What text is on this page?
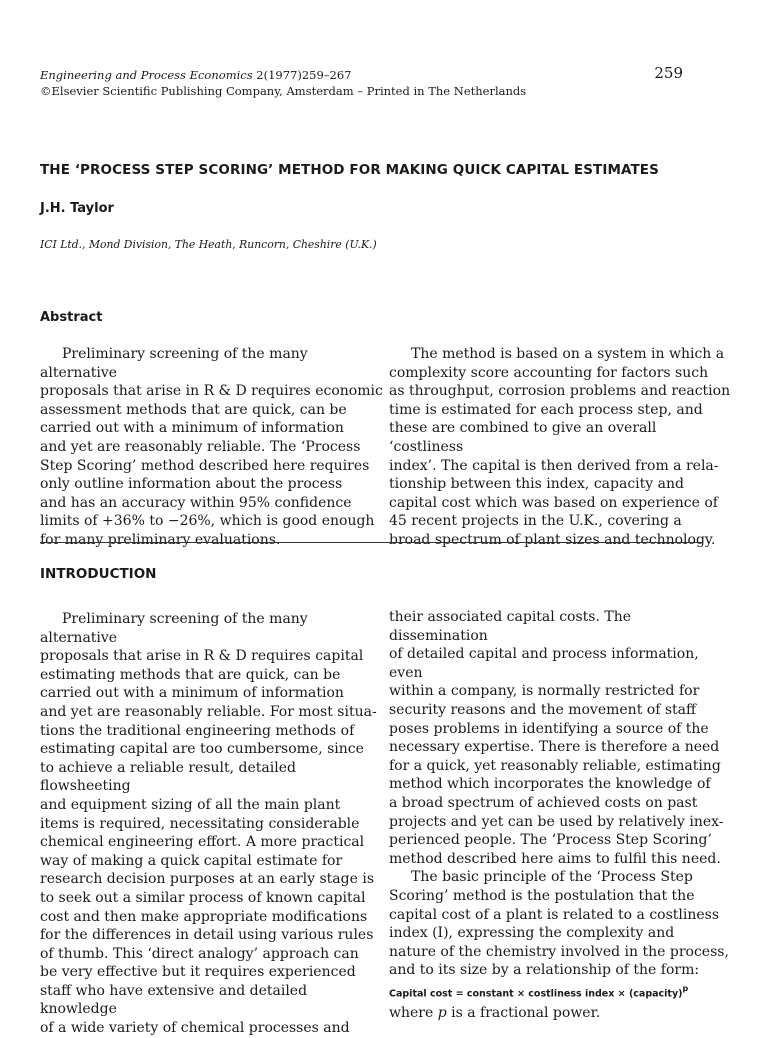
Engineering and Process Economics 2(1977)259–267
©Elsevier Scientific Publishing Company, Amsterdam – Printed in The Netherlands
259
THE ‘PROCESS STEP SCORING’ METHOD FOR MAKING QUICK CAPITAL ESTIMATES
J.H. Taylor
ICI Ltd., Mond Division, The Heath, Runcorn, Cheshire (U.K.)
Abstract

Preliminary screening of the many alternative
proposals that arise in R & D requires economic
assessment methods that are quick, can be
carried out with a minimum of information
and yet are reasonably reliable. The ‘Process
Step Scoring’ method described here requires
only outline information about the process
and has an accuracy within 95% confidence
limits of +36% to −26%, which is good enough
for many preliminary evaluations.

The method is based on a system in which a
complexity score accounting for factors such
as throughput, corrosion problems and reaction
time is estimated for each process step, and
these are combined to give an overall ‘costliness
index’. The capital is then derived from a rela-
tionship between this index, capacity and
capital cost which was based on experience of
45 recent projects in the U.K., covering a
broad spectrum of plant sizes and technology.

INTRODUCTION

Preliminary screening of the many alternative
proposals that arise in R & D requires capital
estimating methods that are quick, can be
carried out with a minimum of information
and yet are reasonably reliable. For most situa-
tions the traditional engineering methods of
estimating capital are too cumbersome, since
to achieve a reliable result, detailed flowsheeting
and equipment sizing of all the main plant
items is required, necessitating considerable
chemical engineering effort. A more practical
way of making a quick capital estimate for
research decision purposes at an early stage is
to seek out a similar process of known capital
cost and then make appropriate modifications
for the differences in detail using various rules
of thumb. This ‘direct analogy’ approach can
be very effective but it requires experienced
staff who have extensive and detailed knowledge
of a wide variety of chemical processes and

their associated capital costs. The dissemination
of detailed capital and process information, even
within a company, is normally restricted for
security reasons and the movement of staff
poses problems in identifying a source of the
necessary expertise. There is therefore a need
for a quick, yet reasonably reliable, estimating
method which incorporates the knowledge of
a broad spectrum of achieved costs on past
projects and yet can be used by relatively inex-
perienced people. The ‘Process Step Scoring’
method described here aims to fulfil this need.

The basic principle of the ‘Process Step
Scoring’ method is the postulation that the
capital cost of a plant is related to a costliness
index (I), expressing the complexity and
nature of the chemistry involved in the process,
and to its size by a relationship of the form:

Capital cost = constant × costliness index × (capacity)$^p$
where p is a fractional power.
